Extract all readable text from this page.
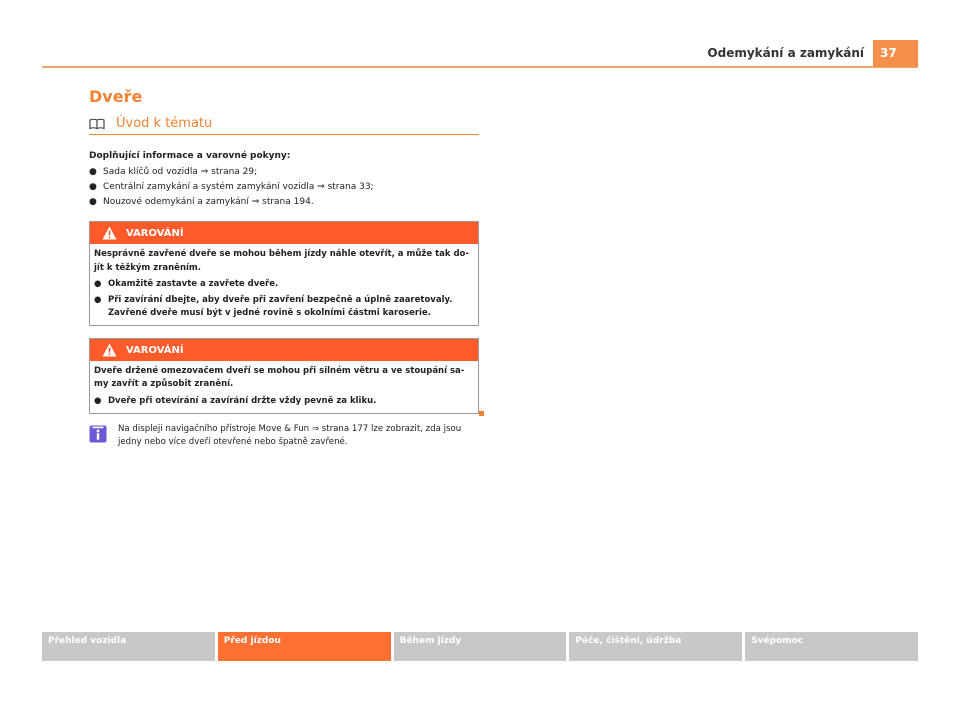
Odemykání a zamykání	37
Dveře
Úvod k tématu
Doplňující informace a varovné pokyny:
● Sada klíčů od vozidla ⇒ strana 29;
● Centrální zamykání a systém zamykání vozidla ⇒ strana 33;
● Nouzové odemykání a zamykání ⇒ strana 194.
VAROVÁNÍ

Nesprávně zavřené dveře se mohou během jízdy náhle otevřít, a může tak do- jít k těžkým zraněním.

● Okamžitě zastavte a zavřete dveře.
● Při zavírání dbejte, aby dveře při zavření bezpečně a úplně zaaretovaly. Zavřené dveře musí být v jedné rovině s okolními částmi karoserie.
VAROVÁNÍ

Dveře držené omezovačem dveří se mohou při silném větru a ve stoupání sa- my zavřít a způsobit zranění.

● Dveře při otevírání a zavírání držte vždy pevně za kliku.
Na displeji navigačního přístroje Move & Fun ⇒ strana 177 lze zobrazit, zda jsou jedny nebo více dveří otevřené nebo špatně zavřené.
Přehled vozidla	Před jízdou	Během jízdy	Péče, čištění, údržba	Svépomoc
